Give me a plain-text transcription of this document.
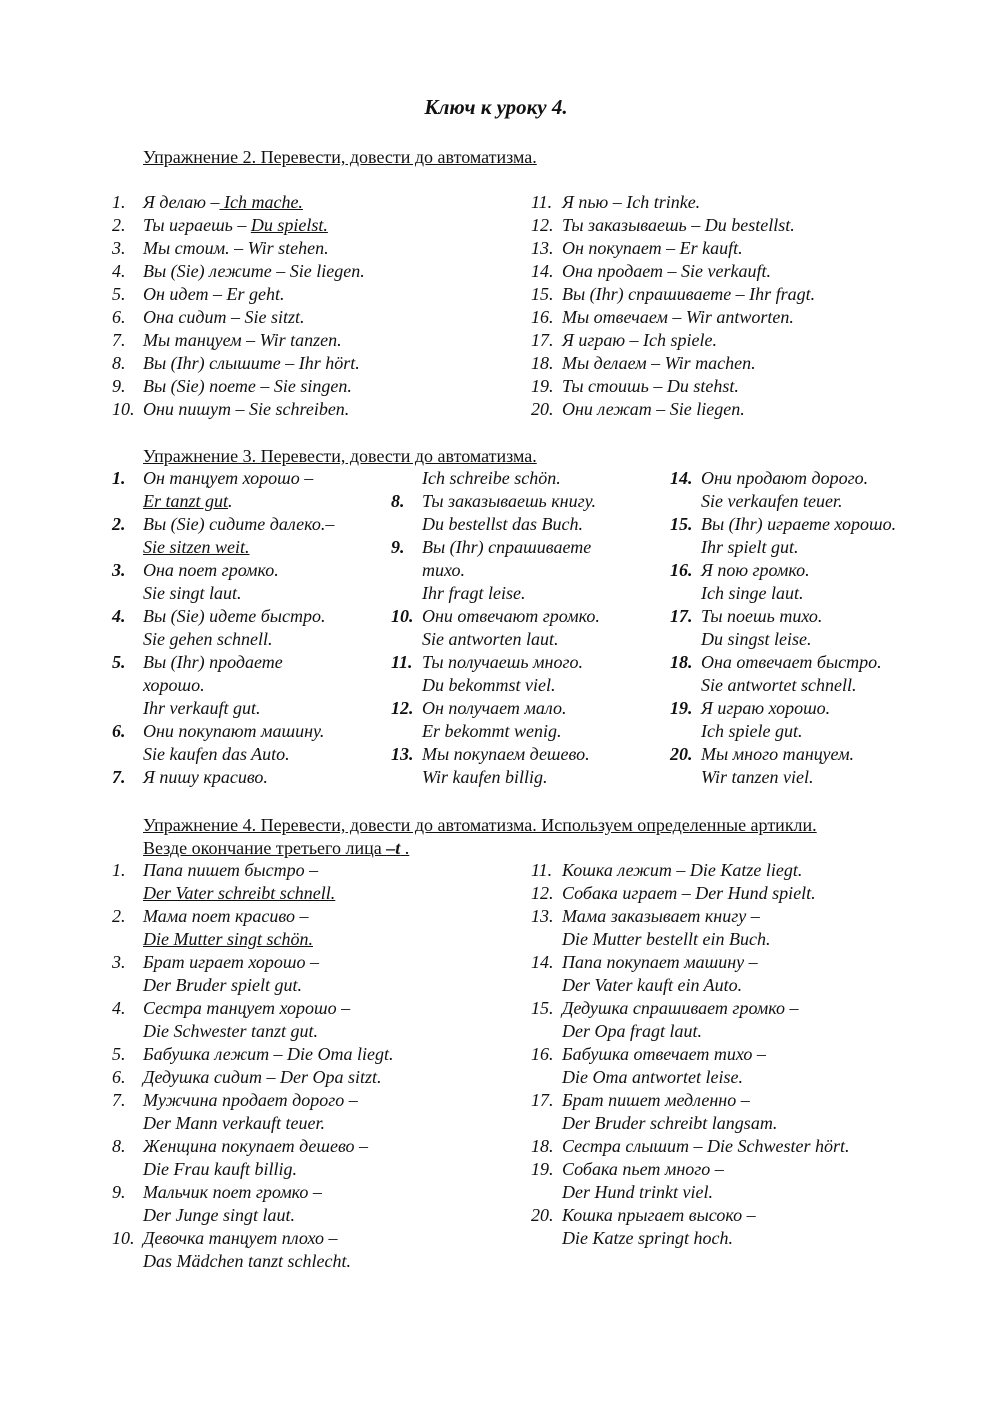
Ключ к уроку 4.
Упражнение 2. Перевести, довести до автоматизма.
1. Я делаю – Ich mache.
2. Ты играешь – Du spielst.
3. Мы стоим. – Wir stehen.
4. Вы (Sie) лежите – Sie liegen.
5. Он идет – Er geht.
6. Она сидит – Sie sitzt.
7. Мы танцуем – Wir tanzen.
8. Вы (Ihr) слышите – Ihr hört.
9. Вы (Sie) поете – Sie singen.
10. Они пишут – Sie schreiben.
11. Я пью – Ich trinke.
12. Ты заказываешь – Du bestellst.
13. Он покупает – Er kauft.
14. Она продает – Sie verkauft.
15. Вы (Ihr) спрашиваете – Ihr fragt.
16. Мы отвечаем – Wir antworten.
17. Я играю – Ich spiele.
18. Мы делаем – Wir machen.
19. Ты стоишь – Du stehst.
20. Они лежат – Sie liegen.
Упражнение 3. Перевести, довести до автоматизма.
1. Он танцует хорошо –
Er tanzt gut.
2. Вы (Sie) сидите далеко.–
Sie sitzen weit.
3. Она поет громко.
Sie singt laut.
4. Вы (Sie) идете быстро.
Sie gehen schnell.
5. Вы (Ihr) продаете
хорошо.
Ihr verkauft gut.
6. Они покупают машину.
Sie kaufen das Auto.
7. Я пишу красиво.
Ich schreibe schön.
8. Ты заказываешь книгу.
Du bestellst das Buch.
9. Вы (Ihr) спрашиваете
тихо.
Ihr fragt leise.
10. Они отвечают громко.
Sie antworten laut.
11. Ты получаешь много.
Du bekommst viel.
12. Он получает мало.
Er bekommt wenig.
13. Мы покупаем дешево.
Wir kaufen billig.
14. Они продают дорого.
Sie verkaufen teuer.
15. Вы (Ihr) играете хорошо.
Ihr spielt gut.
16. Я пою громко.
Ich singe laut.
17. Ты поешь тихо.
Du singst leise.
18. Она отвечает быстро.
Sie antwortet schnell.
19. Я играю хорошо.
Ich spiele gut.
20. Мы много танцуем.
Wir tanzen viel.
Упражнение 4. Перевести, довести до автоматизма. Используем определенные артикли.
Везде окончание третьего лица –t .
1. Папа пишет быстро –
Der Vater schreibt schnell.
2. Мама поет красиво –
Die Mutter singt schön.
3. Брат играет хорошо –
Der Bruder spielt gut.
4. Сестра танцует хорошо –
Die Schwester tanzt gut.
5. Бабушка лежит – Die Oma liegt.
6. Дедушка сидит – Der Opa sitzt.
7. Мужчина продает дорого –
Der Mann verkauft teuer.
8. Женщина покупает дешево –
Die Frau kauft billig.
9. Мальчик поет громко –
Der Junge singt laut.
10. Девочка танцует плохо –
Das Mädchen tanzt schlecht.
11. Кошка лежит – Die Katze liegt.
12. Собака играет – Der Hund spielt.
13. Мама заказывает книгу –
Die Mutter bestellt ein Buch.
14. Папа покупает машину –
Der Vater kauft ein Auto.
15. Дедушка спрашивает громко –
Der Opa fragt laut.
16. Бабушка отвечает тихо –
Die Oma antwortet leise.
17. Брат пишет медленно –
Der Bruder schreibt langsam.
18. Сестра слышит – Die Schwester hört.
19. Собака пьет много –
Der Hund trinkt viel.
20. Кошка прыгает высоко –
Die Katze springt hoch.
